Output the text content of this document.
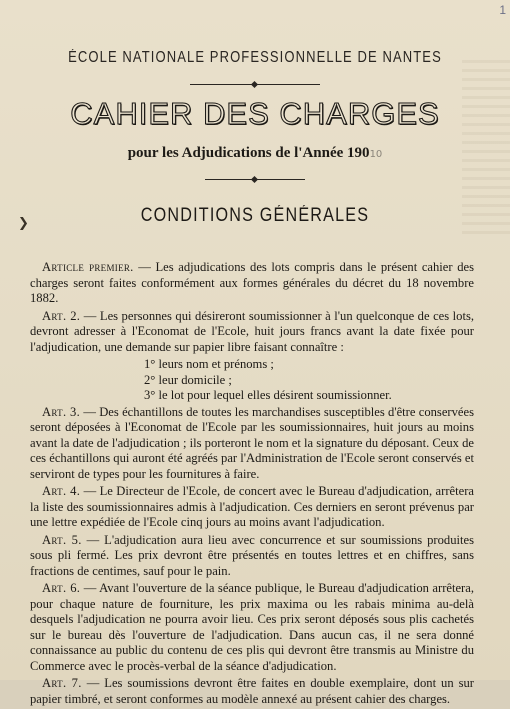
1
❯
ÉCOLE NATIONALE PROFESSIONNELLE DE NANTES
CAHIER DES CHARGES
pour les Adjudications de l'Année 19010
CONDITIONS GÉNÉRALES

Article premier. — Les adjudications des lots compris dans le présent cahier des charges seront faites conformément aux formes générales du décret du 18 novembre 1882.

Art. 2. — Les personnes qui désireront soumissionner à l'un quelconque de ces lots, devront adresser à l'Economat de l'Ecole, huit jours francs avant la date fixée pour l'adjudication, une demande sur papier libre faisant connaître :

1° leurs nom et prénoms ;
2° leur domicile ;
3° le lot pour lequel elles désirent soumissionner.

Art. 3. — Des échantillons de toutes les marchandises susceptibles d'être conservées seront déposées à l'Economat de l'Ecole par les soumissionnaires, huit jours au moins avant la date de l'adjudication ; ils porteront le nom et la signature du déposant. Ceux de ces échantillons qui auront été agréés par l'Administration de l'Ecole seront conservés et serviront de types pour les fournitures à faire.

Art. 4. — Le Directeur de l'Ecole, de concert avec le Bureau d'adjudication, arrêtera la liste des soumissionnaires admis à l'adjudication. Ces derniers en seront prévenus par une lettre expédiée de l'Ecole cinq jours au moins avant l'adjudication.

Art. 5. — L'adjudication aura lieu avec concurrence et sur soumissions produites sous pli fermé. Les prix devront être présentés en toutes lettres et en chiffres, sans fractions de centimes, sauf pour le pain.

Art. 6. — Avant l'ouverture de la séance publique, le Bureau d'adjudication arrêtera, pour chaque nature de fourniture, les prix maxima ou les rabais minima au-delà desquels l'adjudication ne pourra avoir lieu. Ces prix seront déposés sous plis cachetés sur le bureau dès l'ouverture de l'adjudication. Dans aucun cas, il ne sera donné connaissance au public du contenu de ces plis qui devront être transmis au Ministre du Commerce avec le procès-verbal de la séance d'adjudication.

Art. 7. — Les soumissions devront être faites en double exemplaire, dont un sur papier timbré, et seront conformes au modèle annexé au présent cahier des charges.
